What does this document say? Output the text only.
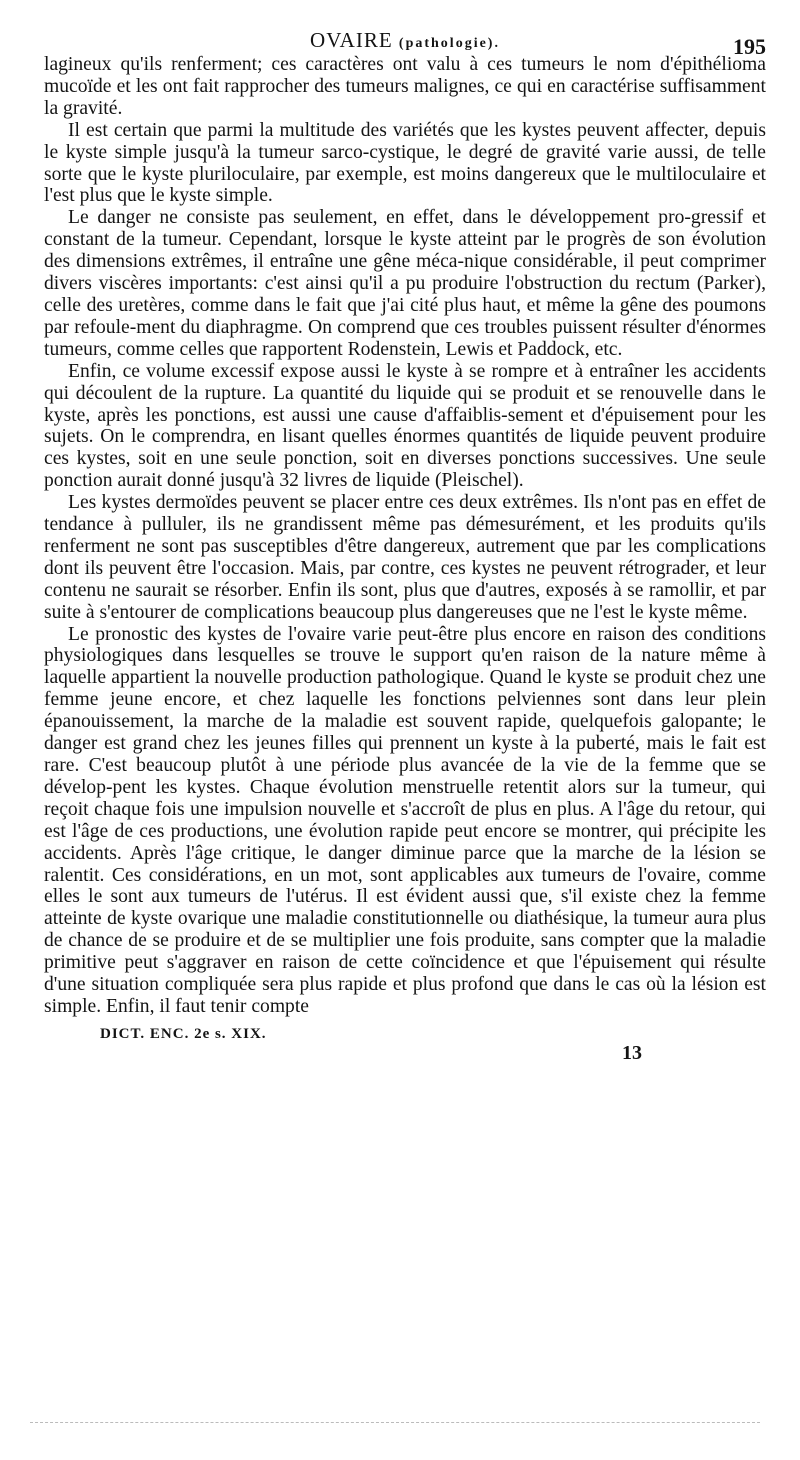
OVAIRE (pathologie).	195

lagineux qu'ils renferment; ces caractères ont valu à ces tumeurs le nom d'épithélioma mucoïde et les ont fait rapprocher des tumeurs malignes, ce qui en caractérise suffisamment la gravité.

Il est certain que parmi la multitude des variétés que les kystes peuvent affecter, depuis le kyste simple jusqu'à la tumeur sarco-cystique, le degré de gravité varie aussi, de telle sorte que le kyste pluriloculaire, par exemple, est moins dangereux que le multiloculaire et l'est plus que le kyste simple.

Le danger ne consiste pas seulement, en effet, dans le développement pro-gressif et constant de la tumeur. Cependant, lorsque le kyste atteint par le progrès de son évolution des dimensions extrêmes, il entraîne une gêne méca-nique considérable, il peut comprimer divers viscères importants: c'est ainsi qu'il a pu produire l'obstruction du rectum (Parker), celle des uretères, comme dans le fait que j'ai cité plus haut, et même la gêne des poumons par refoule-ment du diaphragme. On comprend que ces troubles puissent résulter d'énormes tumeurs, comme celles que rapportent Rodenstein, Lewis et Paddock, etc.

Enfin, ce volume excessif expose aussi le kyste à se rompre et à entraîner les accidents qui découlent de la rupture. La quantité du liquide qui se produit et se renouvelle dans le kyste, après les ponctions, est aussi une cause d'affaiblis-sement et d'épuisement pour les sujets. On le comprendra, en lisant quelles énormes quantités de liquide peuvent produire ces kystes, soit en une seule ponction, soit en diverses ponctions successives. Une seule ponction aurait donné jusqu'à 32 livres de liquide (Pleischel).

Les kystes dermoïdes peuvent se placer entre ces deux extrêmes. Ils n'ont pas en effet de tendance à pulluler, ils ne grandissent même pas démesurément, et les produits qu'ils renferment ne sont pas susceptibles d'être dangereux, autrement que par les complications dont ils peuvent être l'occasion. Mais, par contre, ces kystes ne peuvent rétrograder, et leur contenu ne saurait se résorber. Enfin ils sont, plus que d'autres, exposés à se ramollir, et par suite à s'entourer de complications beaucoup plus dangereuses que ne l'est le kyste même.

Le pronostic des kystes de l'ovaire varie peut-être plus encore en raison des conditions physiologiques dans lesquelles se trouve le support qu'en raison de la nature même à laquelle appartient la nouvelle production pathologique. Quand le kyste se produit chez une femme jeune encore, et chez laquelle les fonctions pelviennes sont dans leur plein épanouissement, la marche de la maladie est souvent rapide, quelquefois galopante; le danger est grand chez les jeunes filles qui prennent un kyste à la puberté, mais le fait est rare. C'est beaucoup plutôt à une période plus avancée de la vie de la femme que se dévelop-pent les kystes. Chaque évolution menstruelle retentit alors sur la tumeur, qui reçoit chaque fois une impulsion nouvelle et s'accroît de plus en plus. A l'âge du retour, qui est l'âge de ces productions, une évolution rapide peut encore se montrer, qui précipite les accidents. Après l'âge critique, le danger diminue parce que la marche de la lésion se ralentit. Ces considérations, en un mot, sont applicables aux tumeurs de l'ovaire, comme elles le sont aux tumeurs de l'utérus. Il est évident aussi que, s'il existe chez la femme atteinte de kyste ovarique une maladie constitutionnelle ou diathésique, la tumeur aura plus de chance de se produire et de se multiplier une fois produite, sans compter que la maladie primitive peut s'aggraver en raison de cette coïncidence et que l'épuisement qui résulte d'une situation compliquée sera plus rapide et plus profond que dans le cas où la lésion est simple. Enfin, il faut tenir compte

DICT. ENC. 2e s. XIX.
13
